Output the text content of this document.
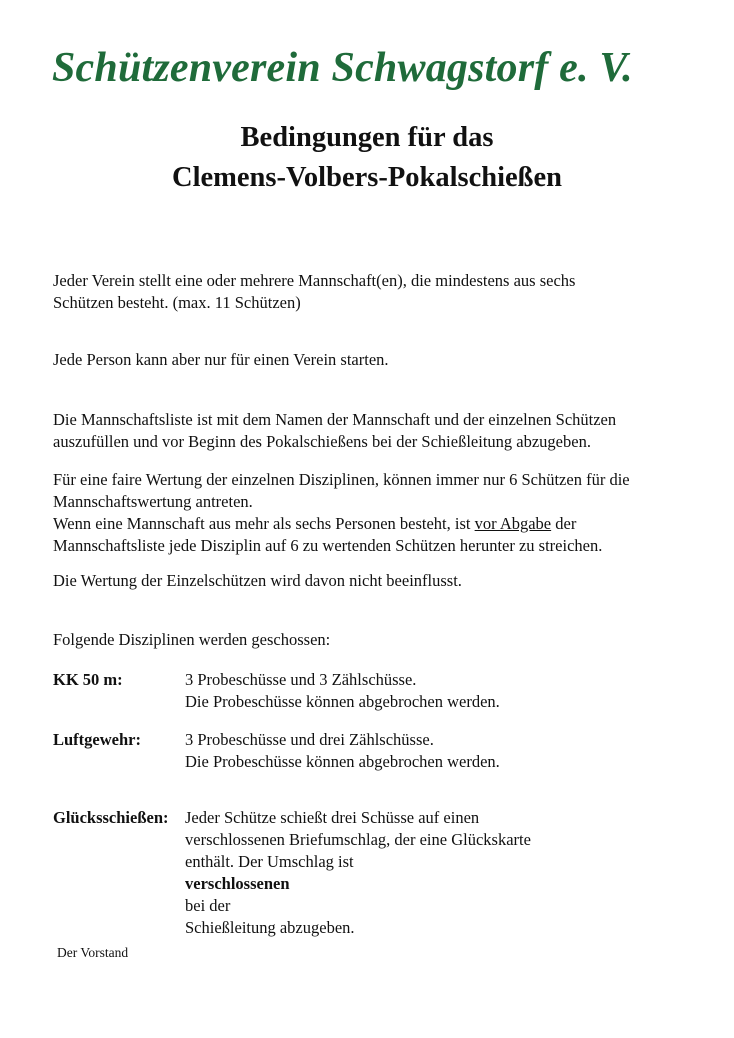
Schützenverein Schwagstorf e. V.
Bedingungen für das
Clemens-Volbers-Pokalschießen

Jeder Verein stellt eine oder mehrere Mannschaft(en), die mindestens aus sechs
Schützen besteht. (max. 11 Schützen)

Jede Person kann aber nur für einen Verein starten.

Die Mannschaftsliste ist mit dem Namen der Mannschaft und der einzelnen Schützen
auszufüllen und vor Beginn des Pokalschießens bei der Schießleitung abzugeben.

Für eine faire Wertung der einzelnen Disziplinen, können immer nur 6 Schützen für die
Mannschaftswertung antreten.
Wenn eine Mannschaft aus mehr als sechs Personen besteht, ist vor Abgabe der
Mannschaftsliste jede Disziplin auf 6 zu wertenden Schützen herunter zu streichen.

Die Wertung der Einzelschützen wird davon nicht beeinflusst.

Folgende Disziplinen werden geschossen:

KK 50 m:	3 Probeschüsse und 3 Zählschüsse.
Die Probeschüsse können abgebrochen werden.
Luftgewehr:	3 Probeschüsse und drei Zählschüsse.
Die Probeschüsse können abgebrochen werden.
Glücksschießen: Jeder Schütze schießt drei Schüsse auf einen
verschlossenen Briefumschlag, der eine Glückskarte
enthält. Der Umschlag ist
verschlossenen
bei der
Schießleitung abzugeben.

Der Vorstand
